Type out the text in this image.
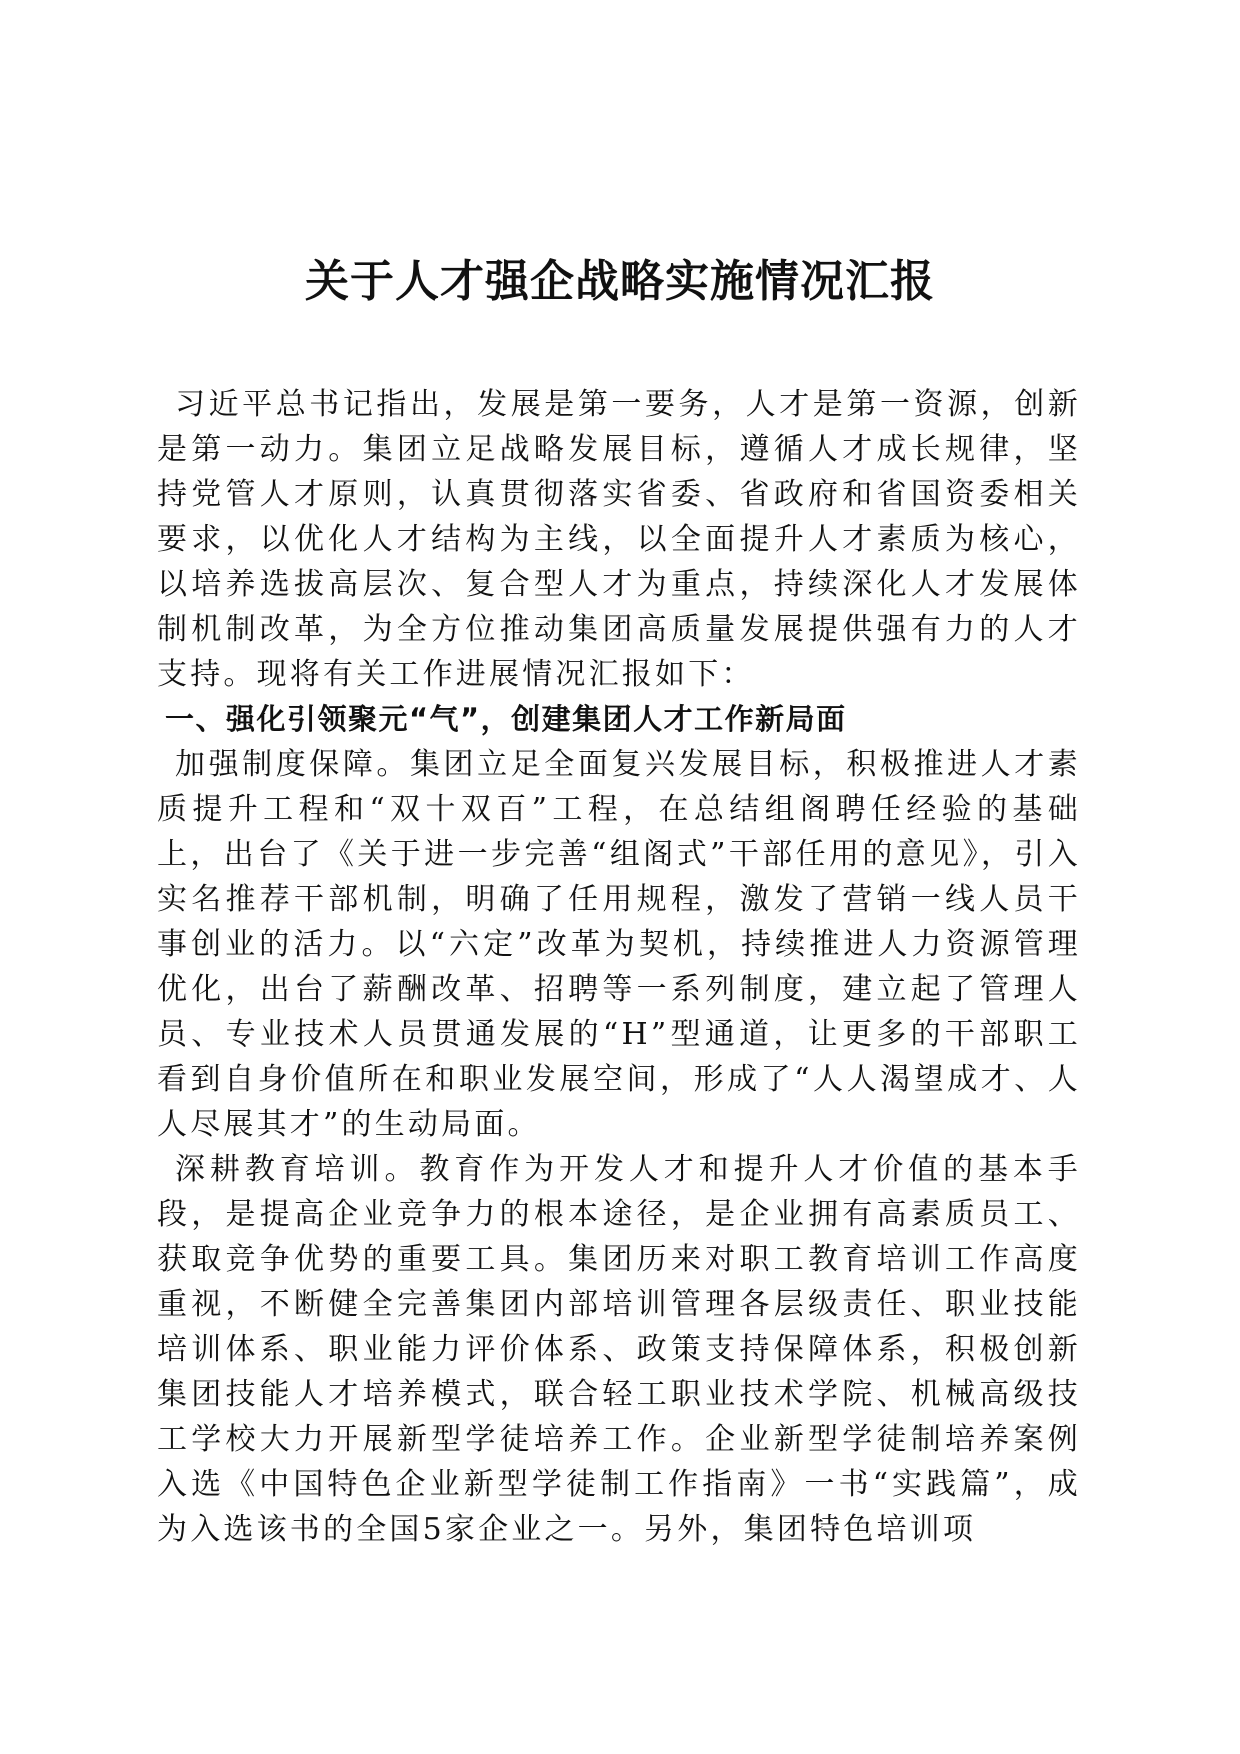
关于人才强企战略实施情况汇报

习近平总书记指出，发展是第一要务，人才是第一资源，创新是第一动力。集团立足战略发展目标，遵循人才成长规律，坚持党管人才原则，认真贯彻落实省委、省政府和省国资委相关要求，以优化人才结构为主线，以全面提升人才素质为核心，以培养选拔高层次、复合型人才为重点，持续深化人才发展体制机制改革，为全方位推动集团高质量发展提供强有力的人才支持。现将有关工作进展情况汇报如下：

一、强化引领聚元“气”，创建集团人才工作新局面

加强制度保障。集团立足全面复兴发展目标，积极推进人才素质提升工程和“双十双百”工程，在总结组阁聘任经验的基础上，出台了《关于进一步完善“组阁式”干部任用的意见》，引入实名推荐干部机制，明确了任用规程，激发了营销一线人员干事创业的活力。以“六定”改革为契机，持续推进人力资源管理优化，出台了薪酬改革、招聘等一系列制度，建立起了管理人员、专业技术人员贯通发展的“H”型通道，让更多的干部职工看到自身价值所在和职业发展空间，形成了“人人渴望成才、人人尽展其才”的生动局面。

深耕教育培训。教育作为开发人才和提升人才价值的基本手段，是提高企业竞争力的根本途径，是企业拥有高素质员工、获取竞争优势的重要工具。集团历来对职工教育培训工作高度重视，不断健全完善集团内部培训管理各层级责任、职业技能培训体系、职业能力评价体系、政策支持保障体系，积极创新集团技能人才培养模式，联合轻工职业技术学院、机械高级技工学校大力开展新型学徒培养工作。企业新型学徒制培养案例入选《中国特色企业新型学徒制工作指南》一书“实践篇”，成为入选该书的全国5家企业之一。另外，集团特色培训项
